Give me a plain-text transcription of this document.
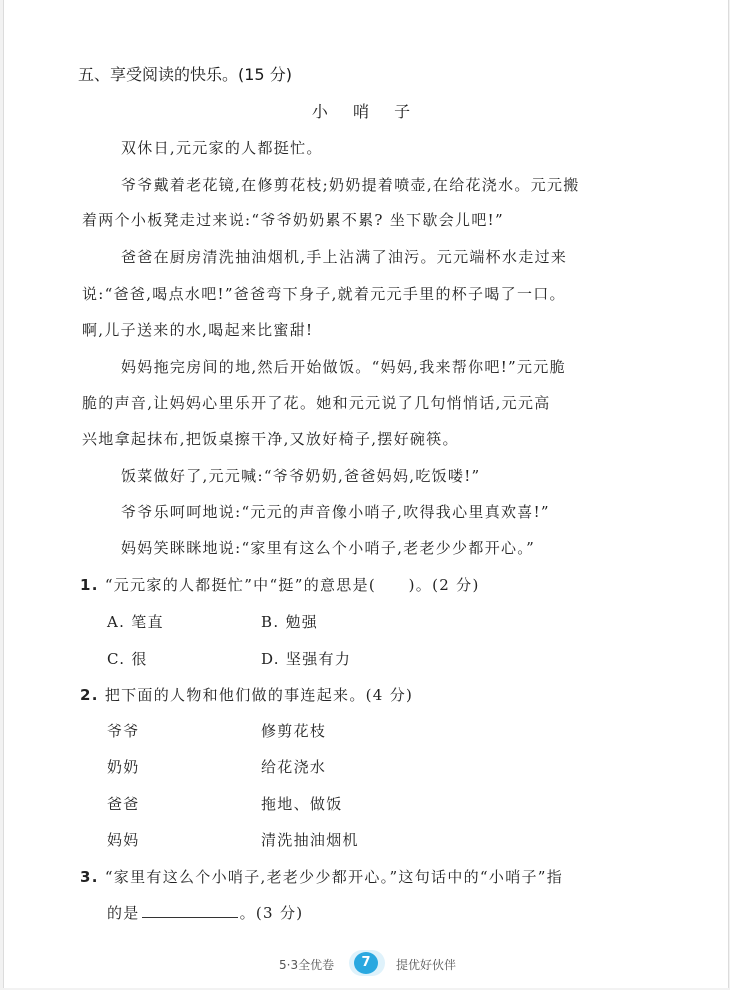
五、享受阅读的快乐。(15 分)
小 哨 子
双休日,元元家的人都挺忙。
爷爷戴着老花镜,在修剪花枝;奶奶提着喷壶,在给花浇水。元元搬
着两个小板凳走过来说:“爷爷奶奶累不累? 坐下歇会儿吧!”
爸爸在厨房清洗抽油烟机,手上沾满了油污。元元端杯水走过来
说:“爸爸,喝点水吧!”爸爸弯下身子,就着元元手里的杯子喝了一口。
啊,儿子送来的水,喝起来比蜜甜!
妈妈拖完房间的地,然后开始做饭。“妈妈,我来帮你吧!”元元脆
脆的声音,让妈妈心里乐开了花。她和元元说了几句悄悄话,元元高
兴地拿起抹布,把饭桌擦干净,又放好椅子,摆好碗筷。
饭菜做好了,元元喊:“爷爷奶奶,爸爸妈妈,吃饭喽!”
爷爷乐呵呵地说:“元元的声音像小哨子,吹得我心里真欢喜!”
妈妈笑眯眯地说:“家里有这么个小哨子,老老少少都开心。”
1. “元元家的人都挺忙”中“挺”的意思是(　　)。(2 分)
A. 笔直	B. 勉强
C. 很	D. 坚强有力
2. 把下面的人物和他们做的事连起来。(4 分)
爷爷	修剪花枝
奶奶	给花浇水
爸爸	拖地、做饭
妈妈	清洗抽油烟机
3. “家里有这么个小哨子,老老少少都开心。”这句话中的“小哨子”指
的是	。(3 分)
5·3全优卷	7	提优好伙伴
